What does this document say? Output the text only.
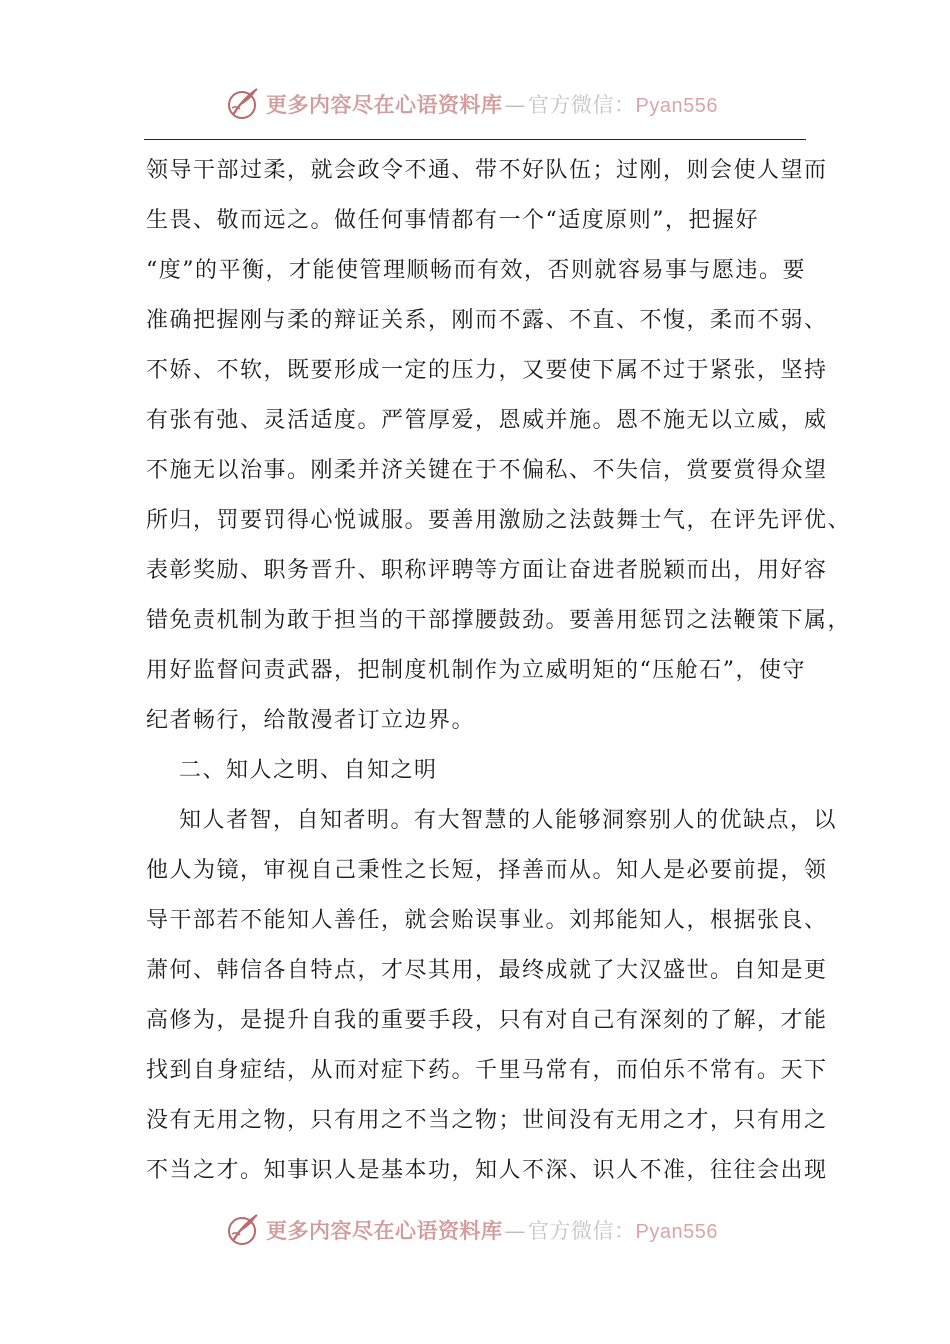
更多内容尽在心语资料库—官方微信：Pyan556
领导干部过柔，就会政令不通、带不好队伍；过刚，则会使人望而
生畏、敬而远之。做任何事情都有一个“适度原则”，把握好
“度”的平衡，才能使管理顺畅而有效，否则就容易事与愿违。要
准确把握刚与柔的辩证关系，刚而不露、不直、不愎，柔而不弱、
不娇、不软，既要形成一定的压力，又要使下属不过于紧张，坚持
有张有弛、灵活适度。严管厚爱，恩威并施。恩不施无以立威，威
不施无以治事。刚柔并济关键在于不偏私、不失信，赏要赏得众望
所归，罚要罚得心悦诚服。要善用激励之法鼓舞士气，在评先评优、
表彰奖励、职务晋升、职称评聘等方面让奋进者脱颖而出，用好容
错免责机制为敢于担当的干部撑腰鼓劲。要善用惩罚之法鞭策下属，
用好监督问责武器，把制度机制作为立威明矩的“压舱石”，使守
纪者畅行，给散漫者订立边界。
二、知人之明、自知之明
知人者智，自知者明。有大智慧的人能够洞察别人的优缺点，以
他人为镜，审视自己秉性之长短，择善而从。知人是必要前提，领
导干部若不能知人善任，就会贻误事业。刘邦能知人，根据张良、
萧何、韩信各自特点，才尽其用，最终成就了大汉盛世。自知是更
高修为，是提升自我的重要手段，只有对自己有深刻的了解，才能
找到自身症结，从而对症下药。千里马常有，而伯乐不常有。天下
没有无用之物，只有用之不当之物；世间没有无用之才，只有用之
不当之才。知事识人是基本功，知人不深、识人不准，往往会出现
更多内容尽在心语资料库—官方微信：Pyan556
